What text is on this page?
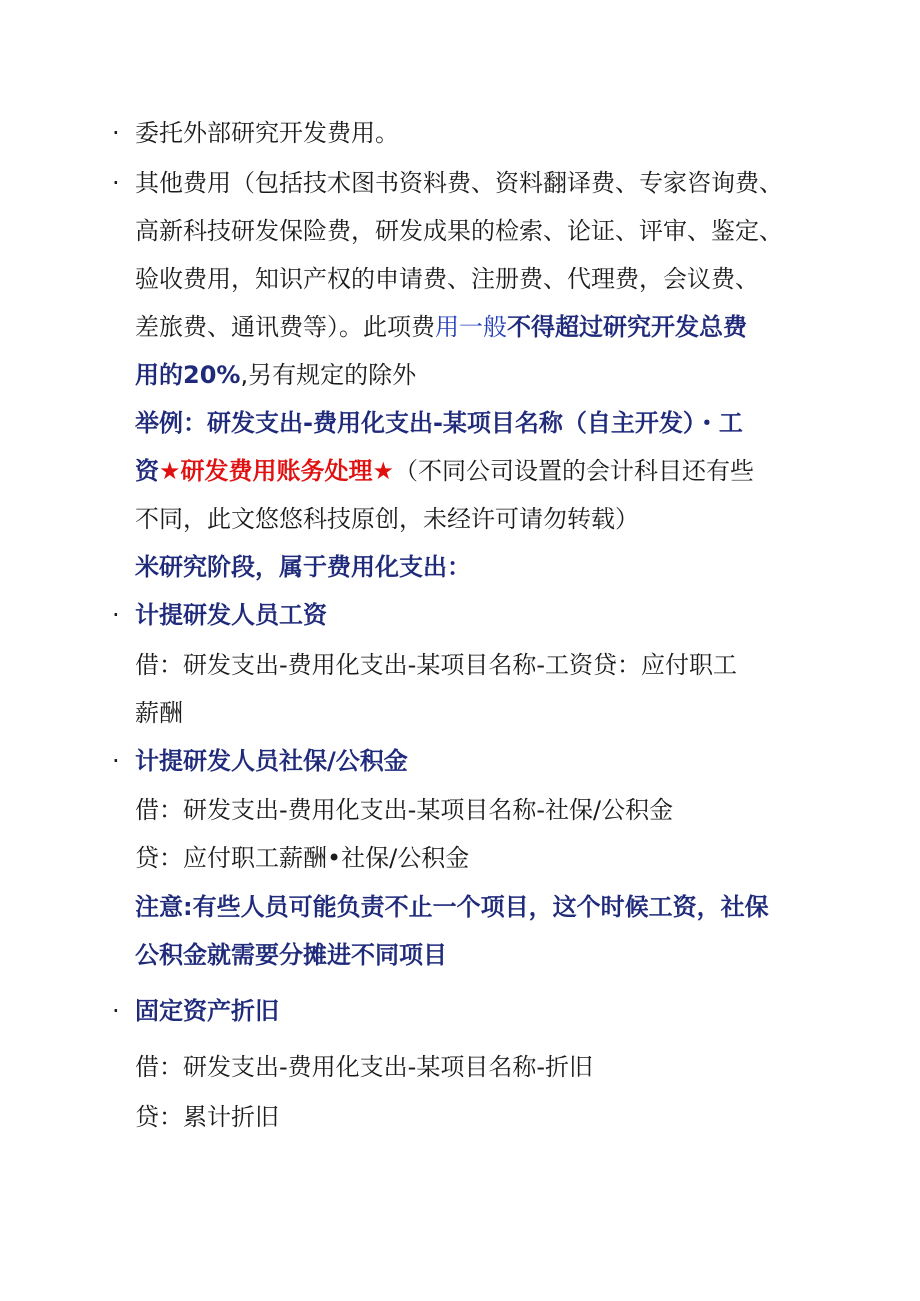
· 委托外部研究开发费用。
· 其他费用（包括技术图书资料费、资料翻译费、专家咨询费、
高新科技研发保险费，研发成果的检索、论证、评审、鉴定、
验收费用，知识产权的申请费、注册费、代理费，会议费、
差旅费、通讯费等）。此项费用一般不得超过研究开发总费
用的20%,另有规定的除外
举例：研发支出-费用化支出-某项目名称（自主开发）・工
资★研发费用账务处理★（不同公司设置的会计科目还有些
不同，此文悠悠科技原创，未经许可请勿转载）
米研究阶段，属于费用化支出：
· 计提研发人员工资
借：研发支出-费用化支出-某项目名称-工资贷：应付职工
薪酬
· 计提研发人员社保/公积金
借：研发支出-费用化支出-某项目名称-社保/公积金
贷：应付职工薪酬•社保/公积金
注意:有些人员可能负责不止一个项目，这个时候工资，社保
公积金就需要分摊进不同项目
· 固定资产折旧
借：研发支出-费用化支出-某项目名称-折旧
贷：累计折旧
